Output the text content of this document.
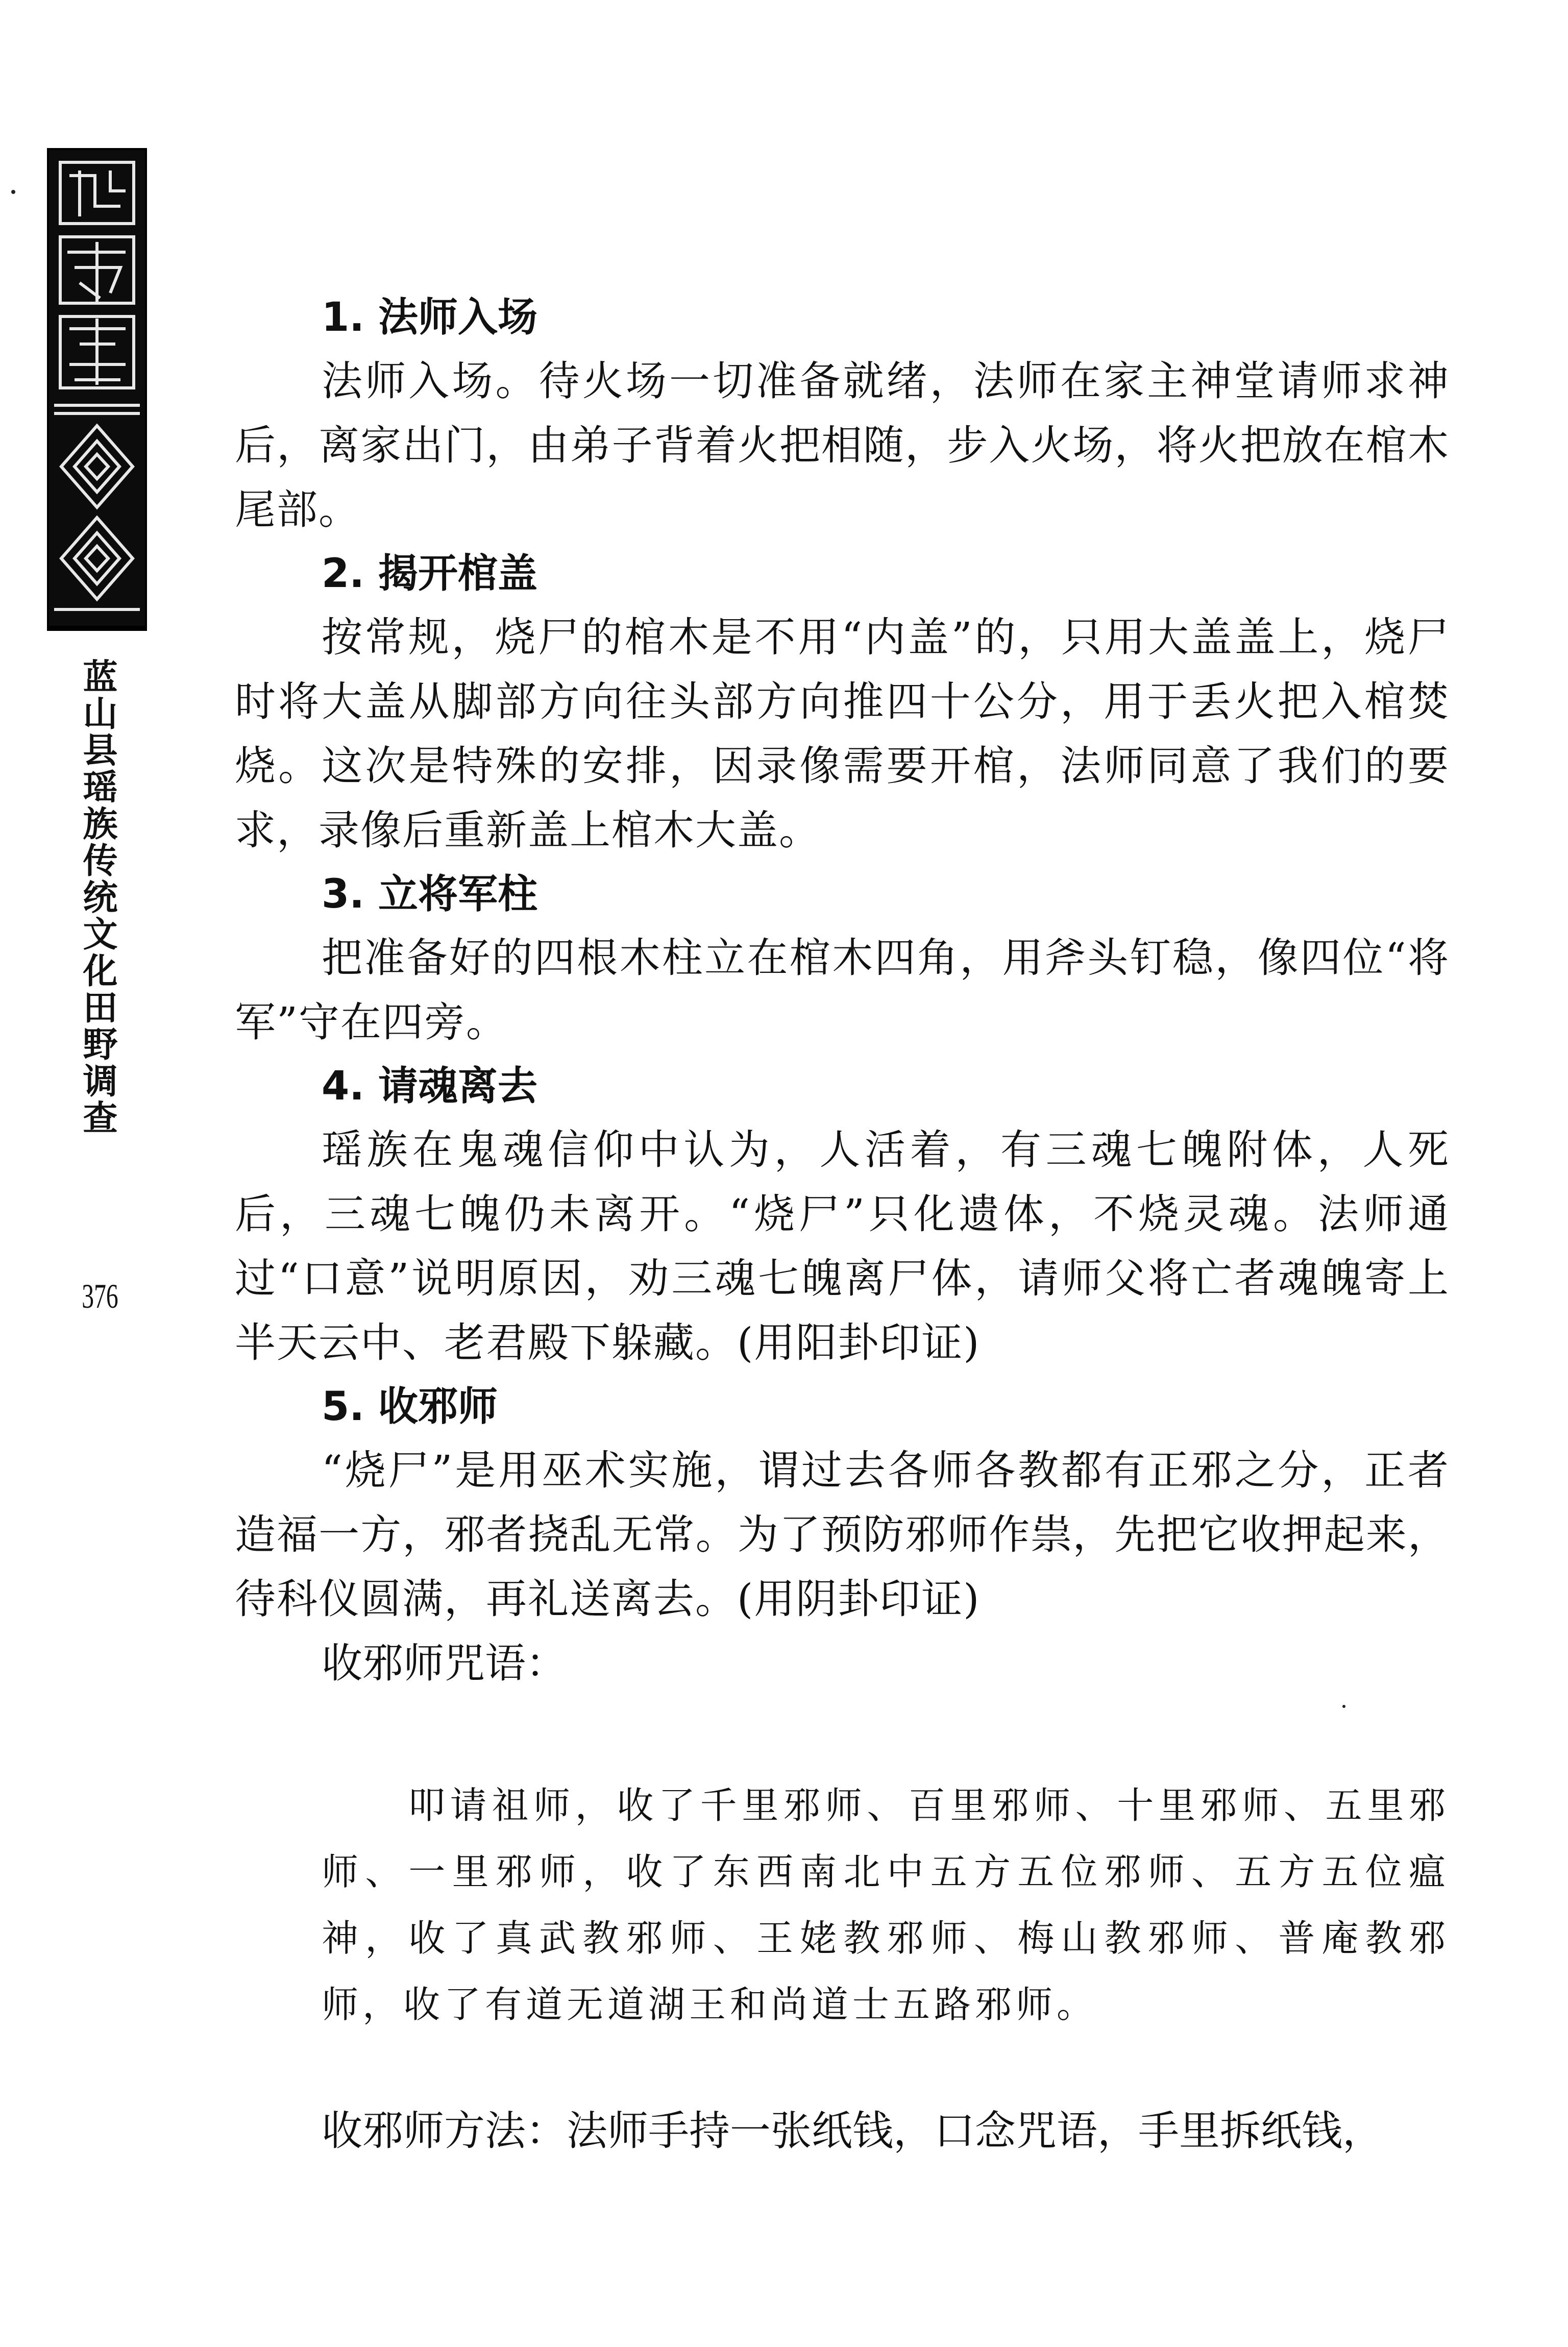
蓝山县瑶族传统文化田野调查
376
1. 法师入场
法师入场。待火场一切准备就绪，法师在家主神堂请师求神后，离家出门，由弟子背着火把相随，步入火场，将火把放在棺木尾部。
2. 揭开棺盖
按常规，烧尸的棺木是不用“内盖”的，只用大盖盖上，烧尸时将大盖从脚部方向往头部方向推四十公分，用于丢火把入棺焚烧。这次是特殊的安排，因录像需要开棺，法师同意了我们的要求，录像后重新盖上棺木大盖。
3. 立将军柱
把准备好的四根木柱立在棺木四角，用斧头钉稳，像四位“将军”守在四旁。
4. 请魂离去
瑶族在鬼魂信仰中认为，人活着，有三魂七魄附体，人死后，三魂七魄仍未离开。“烧尸”只化遗体，不烧灵魂。法师通过“口意”说明原因，劝三魂七魄离尸体，请师父将亡者魂魄寄上半天云中、老君殿下躲藏。(用阳卦印证)
5. 收邪师
“烧尸”是用巫术实施，谓过去各师各教都有正邪之分，正者造福一方，邪者挠乱无常。为了预防邪师作祟，先把它收押起来，待科仪圆满，再礼送离去。(用阴卦印证)
收邪师咒语：
叩请祖师，收了千里邪师、百里邪师、十里邪师、五里邪师、一里邪师，收了东西南北中五方五位邪师、五方五位瘟神，收了真武教邪师、王姥教邪师、梅山教邪师、普庵教邪师，收了有道无道湖王和尚道士五路邪师。
收邪师方法：法师手持一张纸钱，口念咒语，手里拆纸钱，
